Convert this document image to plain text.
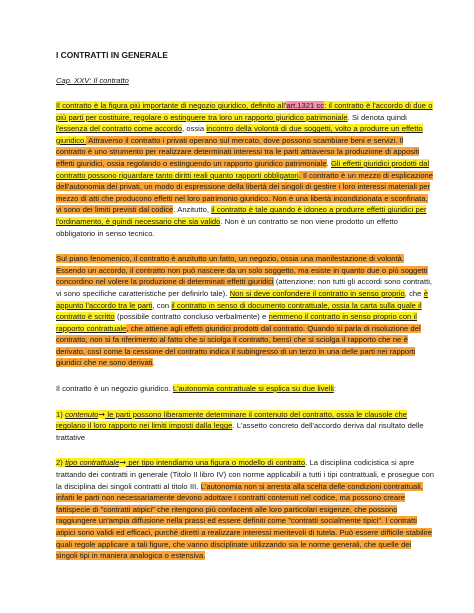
I CONTRATTI IN GENERALE
Cap. XXV: Il contratto

Il contratto è la figura più importante di negozio giuridico, definito all'art.1321 cc: il contratto è l'accordo di due o più parti per costituire, regolare o estinguere tra loro un rapporto giuridico patrimoniale. Si denota quindi l'essenza del contratto come accordo, ossia incontro della volontà di due soggetti, volto a produrre un effetto giuridico. Attraverso il contratto i privati operano sul mercato, dove possono scambiare beni e servizi. Il contratto è uno strumento per realizzare determinati interessi tra le parti attraverso la produzione di appositi effetti giuridici, ossia regolando o estinguendo un rapporto giuridico patrimoniale. Gli effetti giuridici prodotti dal contratto possono riguardare tanto diritti reali quanto rapporti obbligatori. Il contratto è un mezzo di esplicazione dell'autonomia dei privati, un modo di espressione della libertà dei singoli di gestire i loro interessi materiali per mezzo di atti che producono effetti nel loro patrimonio giuridico. Non è una libertà incondizionata e sconfinata, vi sono dei limiti previsti dal codice. Anzitutto, il contratto è tale quando è idoneo a produrre effetti giuridici per l'ordinamento, è quindi necessario che sia valido. Non è un contratto se non viene prodotto un effetto obbligatorio in senso tecnico.

Sul piano fenomenico, il contratto è anzitutto un fatto, un negozio, ossia una manifestazione di volontà. Essendo un accordo, il contratto non può nascere da un solo soggetto, ma esiste in quanto due o più soggetti concordino nel volere la produzione di determinati effetti giuridici (attenzione: non tutti gli accordi sono contratti, vi sono specifiche caratteristiche per definirlo tale). Non si deve confondere il contratto in senso proprio, che è appunto l'accordo tra le parti, con il contratto in senso di documento contrattuale, ossia la carta sulla quale il contratto è scritto (possibile contratto concluso verbalmente) e nemmeno il contratto in senso proprio con il rapporto contrattuale, che attiene agli effetti giuridici prodotti dal contratto. Quando si parla di risoluzione del contratto, non si fa riferimento al fatto che si sciolga il contratto, bensì che si sciolga il rapporto che ne è derivato, così come la cessione del contratto indica il subingresso di un terzo in una delle parti nei rapporti giuridici che ne sono derivati.

Il contratto è un negozio giuridico. L'autonomia contrattuale si esplica su due livelli:

1) contenuto➞ le parti possono liberamente determinare il contenuto del contratto, ossia le clausole che regolano il loro rapporto nei limiti imposti dalla legge. L'assetto concreto dell'accordo deriva dal risultato delle trattative

2) tipo contrattuale➞ per tipo intendiamo una figura o modello di contratto. La disciplina codicistica si apre trattando dei contratti in generale (Titolo II libro IV) con norme applicabili a tutti i tipi contrattuali, e prosegue con la disciplina dei singoli contratti al titolo III. L'autonomia non si arresta alla scelta delle condizioni contrattuali, infatti le parti non necessariamente devono adottare i contratti contenuti nel codice, ma possono creare fattispecie di "contratti atipici" che ritengono più confacenti alle loro particolari esigenze, che possono raggiungere un'ampia diffusione nella prassi ed essere definiti come "contratti socialmente tipici". I contratti atipici sono validi ed efficaci, purché diretti a realizzare interessi meritevoli di tutela. Può essere difficile stabilire quali regole applicare a tali figure, che vanno disciplinate utilizzando sia le norme generali, che quelle dei singoli tipi in maniera analogica o estensiva.
